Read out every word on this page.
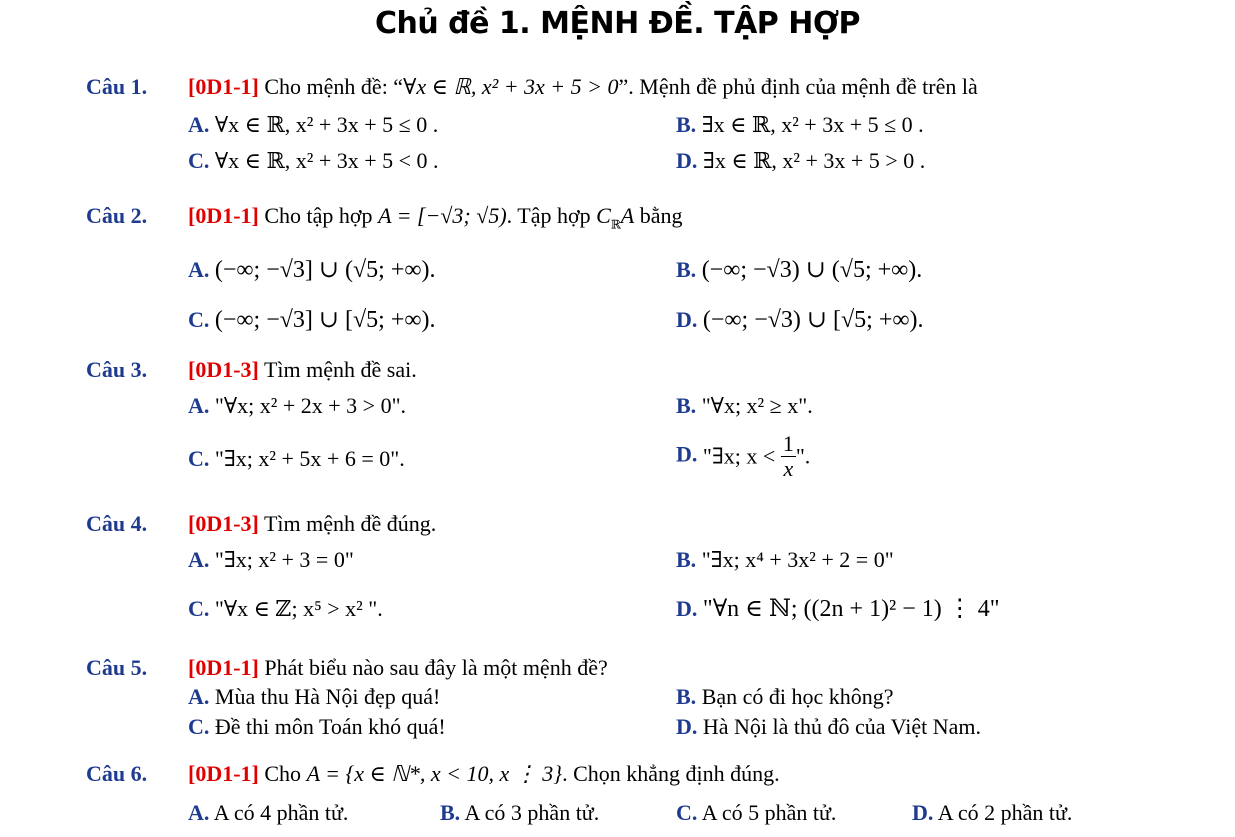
Chủ đề 1. MỆNH ĐỀ. TẬP HỢP
Câu 1. [0D1-1] Cho mệnh đề: “∀x ∈ ℝ, x² + 3x + 5 > 0”. Mệnh đề phủ định của mệnh đề trên là
A. ∀x ∈ ℝ, x² + 3x + 5 ≤ 0 .	B. ∃x ∈ ℝ, x² + 3x + 5 ≤ 0 .
C. ∀x ∈ ℝ, x² + 3x + 5 < 0 .	D. ∃x ∈ ℝ, x² + 3x + 5 > 0 .
Câu 2. [0D1-1] Cho tập hợp A = [−√3; √5). Tập hợp $C_ℝA$ bằng
A. (−∞; −√3] ∪ (√5; +∞).	B. (−∞; −√3) ∪ (√5; +∞).
C. (−∞; −√3] ∪ [√5; +∞).	D. (−∞; −√3) ∪ [√5; +∞).
Câu 3. [0D1-3] Tìm mệnh đề sai.
A. "∀x; x² + 2x + 3 > 0".	B. "∀x; x² ≥ x".
C. "∃x; x² + 5x + 6 = 0".	D. "∃x; $x < \frac{1}{x}$ ".
Câu 4. [0D1-3] Tìm mệnh đề đúng.
A. "∃x; x² + 3 = 0"	B. "∃x; x⁴ + 3x² + 2 = 0"
C. "∀x ∈ ℤ; x⁵ > x² ".	D. "∀n ∈ ℕ; ((2n + 1)² − 1) ⋮ 4"
Câu 5. [0D1-1] Phát biểu nào sau đây là một mệnh đề?
A. Mùa thu Hà Nội đẹp quá!	B. Bạn có đi học không?
C. Đề thi môn Toán khó quá!	D. Hà Nội là thủ đô của Việt Nam.
Câu 6. [0D1-1] Cho A = {x ∈ ℕ*, x < 10, x ⋮ 3}. Chọn khẳng định đúng.
A. A có 4 phần tử.	B. A có 3 phần tử.	C. A có 5 phần tử.	D. A có 2 phần tử.
